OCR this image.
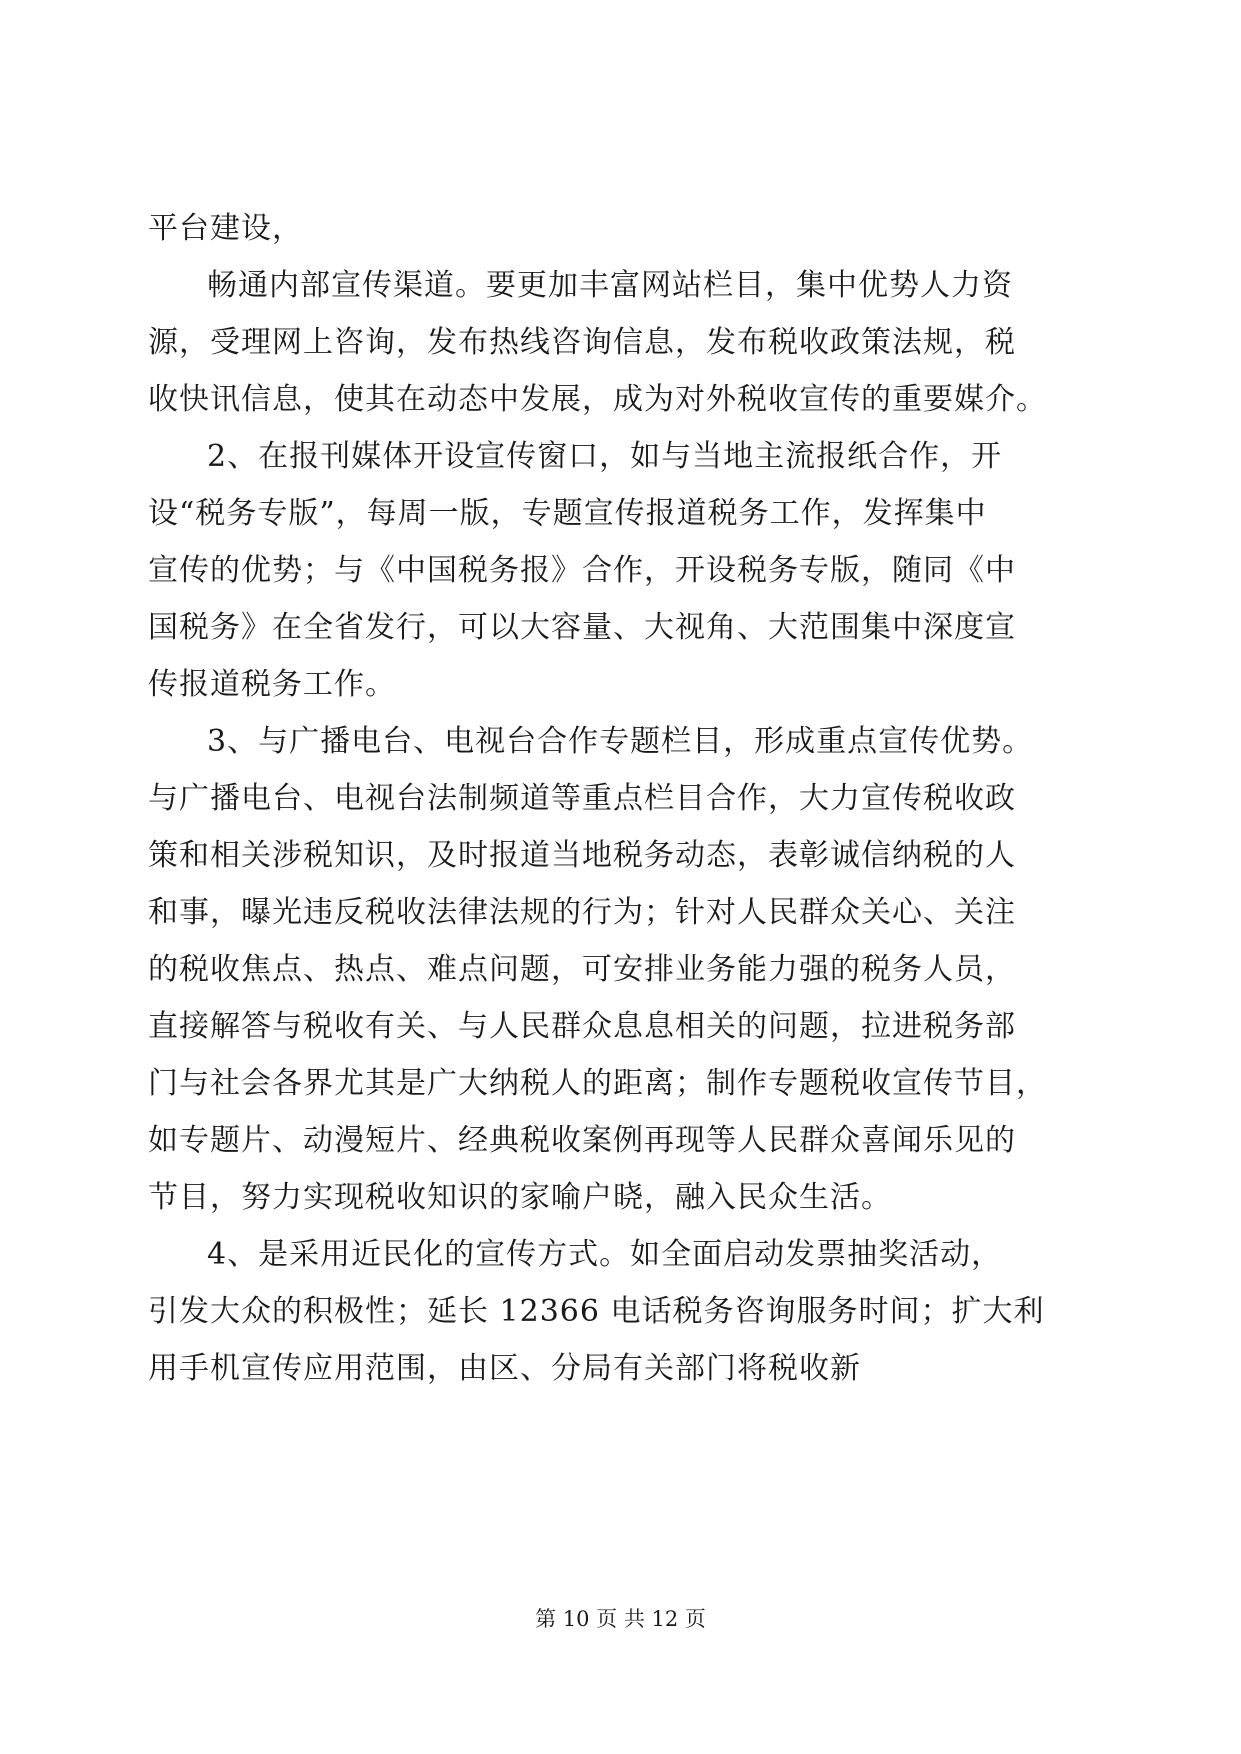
平台建设，
畅通内部宣传渠道。要更加丰富网站栏目，集中优势人力资
源，受理网上咨询，发布热线咨询信息，发布税收政策法规，税
收快讯信息，使其在动态中发展，成为对外税收宣传的重要媒介。
2、在报刊媒体开设宣传窗口，如与当地主流报纸合作，开
设“税务专版”，每周一版，专题宣传报道税务工作，发挥集中
宣传的优势；与《中国税务报》合作，开设税务专版，随同《中
国税务》在全省发行，可以大容量、大视角、大范围集中深度宣
传报道税务工作。
3、与广播电台、电视台合作专题栏目，形成重点宣传优势。
与广播电台、电视台法制频道等重点栏目合作，大力宣传税收政
策和相关涉税知识，及时报道当地税务动态，表彰诚信纳税的人
和事，曝光违反税收法律法规的行为；针对人民群众关心、关注
的税收焦点、热点、难点问题，可安排业务能力强的税务人员，
直接解答与税收有关、与人民群众息息相关的问题，拉进税务部
门与社会各界尤其是广大纳税人的距离；制作专题税收宣传节目，
如专题片、动漫短片、经典税收案例再现等人民群众喜闻乐见的
节目，努力实现税收知识的家喻户晓，融入民众生活。
4、是采用近民化的宣传方式。如全面启动发票抽奖活动，
引发大众的积极性；延长 12366 电话税务咨询服务时间；扩大利
用手机宣传应用范围，由区、分局有关部门将税收新
第 10 页 共 12 页
